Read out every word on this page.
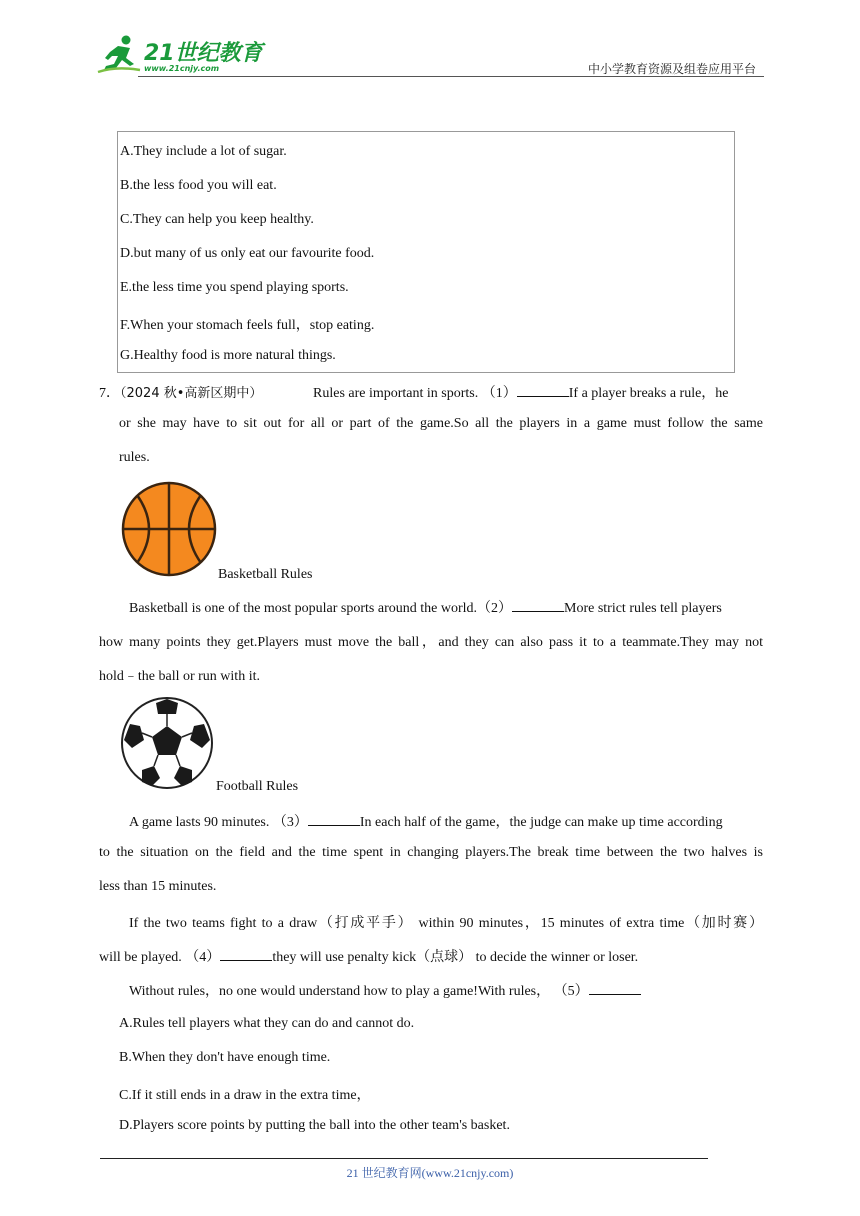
21世纪教育
www.21cnjy.com	中小学教育资源及组卷应用平台
A.They include a lot of sugar.
B.the less food you will eat.
C.They can help you keep healthy.
D.but many of us only eat our favourite food.
E.the less time you spend playing sports.
F.When your stomach feels full，stop eating.
G.Healthy food is more natural things.
7．（2024 秋•高新区期中）	Rules are important in sports. （1）	If a player breaks a rule，he
or she may have to sit out for all or part of the game.So all the players in a game must follow the same
rules.
Basketball Rules
Basketball is one of the most popular sports around the world.（2）	More strict rules tell players
how many points they get.Players must move the ball，and they can also pass it to a teammate.They may not
hold﹣the ball or run with it.
Football Rules
A game lasts 90 minutes. （3）	In each half of the game，the judge can make up time according
to the situation on the field and the time spent in changing players.The break time between the two halves is
less than 15 minutes.
If the two teams fight to a draw（打成平手） within 90 minutes，15 minutes of extra time（加时赛）
will be played. （4）	they will use penalty kick（点球） to decide the winner or loser.
Without rules，no one would understand how to play a game!With rules， （5）
A.Rules tell players what they can do and cannot do.
B.When they don't have enough time.
C.If it still ends in a draw in the extra time，
D.Players score points by putting the ball into the other team's basket.
21 世纪教育网(www.21cnjy.com)
